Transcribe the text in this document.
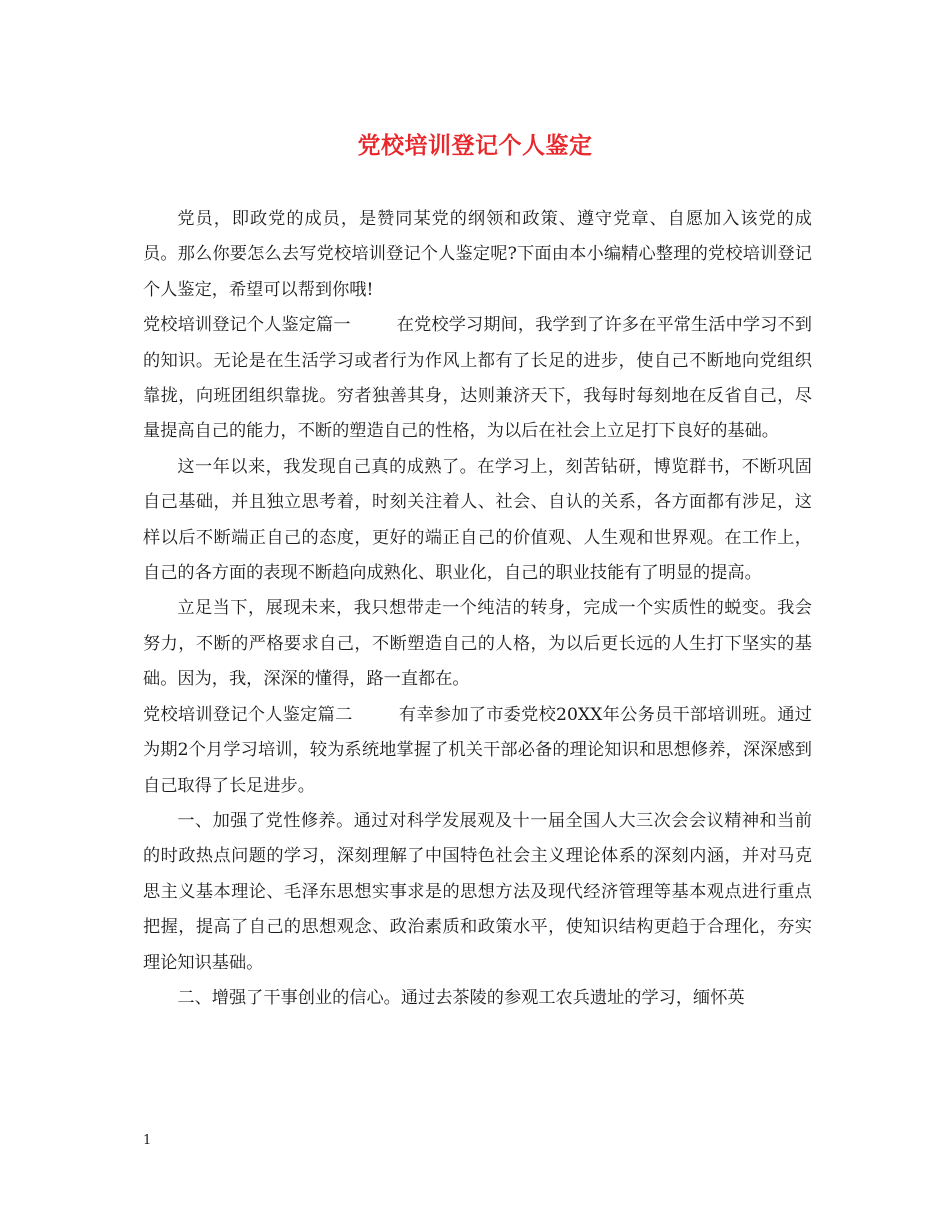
党校培训登记个人鉴定

党员，即政党的成员，是赞同某党的纲领和政策、遵守党章、自愿加入该党的成员。那么你要怎么去写党校培训登记个人鉴定呢?下面由本小编精心整理的党校培训登记个人鉴定，希望可以帮到你哦!

党校培训登记个人鉴定篇一	在党校学习期间，我学到了许多在平常生活中学习不到的知识。无论是在生活学习或者行为作风上都有了长足的进步，使自己不断地向党组织靠拢，向班团组织靠拢。穷者独善其身，达则兼济天下，我每时每刻地在反省自己，尽量提高自己的能力，不断的塑造自己的性格，为以后在社会上立足打下良好的基础。

这一年以来，我发现自己真的成熟了。在学习上，刻苦钻研，博览群书，不断巩固自己基础，并且独立思考着，时刻关注着人、社会、自认的关系，各方面都有涉足，这样以后不断端正自己的态度，更好的端正自己的价值观、人生观和世界观。在工作上，自己的各方面的表现不断趋向成熟化、职业化，自己的职业技能有了明显的提高。

立足当下，展现未来，我只想带走一个纯洁的转身，完成一个实质性的蜕变。我会努力，不断的严格要求自己，不断塑造自己的人格，为以后更长远的人生打下坚实的基础。因为，我，深深的懂得，路一直都在。

党校培训登记个人鉴定篇二	有幸参加了市委党校20XX年公务员干部培训班。通过为期2个月学习培训，较为系统地掌握了机关干部必备的理论知识和思想修养，深深感到自己取得了长足进步。

一、加强了党性修养。通过对科学发展观及十一届全国人大三次会会议精神和当前的时政热点问题的学习，深刻理解了中国特色社会主义理论体系的深刻内涵，并对马克思主义基本理论、毛泽东思想实事求是的思想方法及现代经济管理等基本观点进行重点把握，提高了自己的思想观念、政治素质和政策水平，使知识结构更趋于合理化，夯实理论知识基础。

二、增强了干事创业的信心。通过去茶陵的参观工农兵遗址的学习，缅怀英

1
